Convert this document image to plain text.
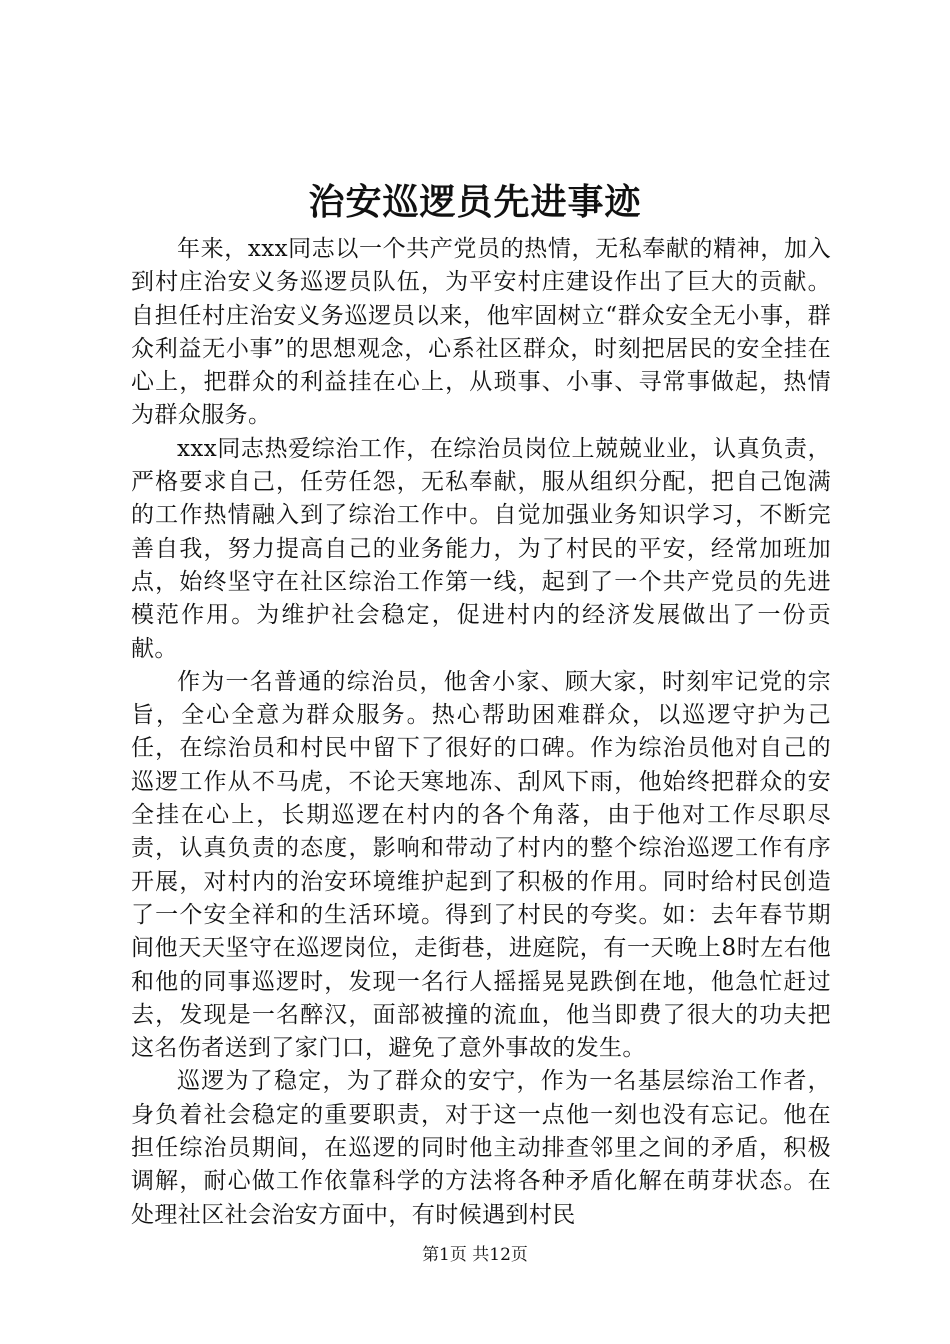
治安巡逻员先进事迹

年来，xxx同志以一个共产党员的热情，无私奉献的精神，加入到村庄治安义务巡逻员队伍，为平安村庄建设作出了巨大的贡献。自担任村庄治安义务巡逻员以来，他牢固树立“群众安全无小事，群众利益无小事”的思想观念，心系社区群众，时刻把居民的安全挂在心上，把群众的利益挂在心上，从琐事、小事、寻常事做起，热情为群众服务。

xxx同志热爱综治工作，在综治员岗位上兢兢业业，认真负责，严格要求自己，任劳任怨，无私奉献，服从组织分配，把自己饱满的工作热情融入到了综治工作中。自觉加强业务知识学习，不断完善自我，努力提高自己的业务能力，为了村民的平安，经常加班加点，始终坚守在社区综治工作第一线，起到了一个共产党员的先进模范作用。为维护社会稳定，促进村内的经济发展做出了一份贡献。

作为一名普通的综治员，他舍小家、顾大家，时刻牢记党的宗旨，全心全意为群众服务。热心帮助困难群众，以巡逻守护为己任，在综治员和村民中留下了很好的口碑。作为综治员他对自己的巡逻工作从不马虎，不论天寒地冻、刮风下雨，他始终把群众的安全挂在心上，长期巡逻在村内的各个角落，由于他对工作尽职尽责，认真负责的态度，影响和带动了村内的整个综治巡逻工作有序开展，对村内的治安环境维护起到了积极的作用。同时给村民创造了一个安全祥和的生活环境。得到了村民的夸奖。如：去年春节期间他天天坚守在巡逻岗位，走街巷，进庭院，有一天晚上8时左右他和他的同事巡逻时，发现一名行人摇摇晃晃跌倒在地，他急忙赶过去，发现是一名醉汉，面部被撞的流血，他当即费了很大的功夫把这名伤者送到了家门口，避免了意外事故的发生。

巡逻为了稳定，为了群众的安宁，作为一名基层综治工作者，身负着社会稳定的重要职责，对于这一点他一刻也没有忘记。他在担任综治员期间，在巡逻的同时他主动排查邻里之间的矛盾，积极调解，耐心做工作依靠科学的方法将各种矛盾化解在萌芽状态。在处理社区社会治安方面中，有时候遇到村民

第1页 共12页
